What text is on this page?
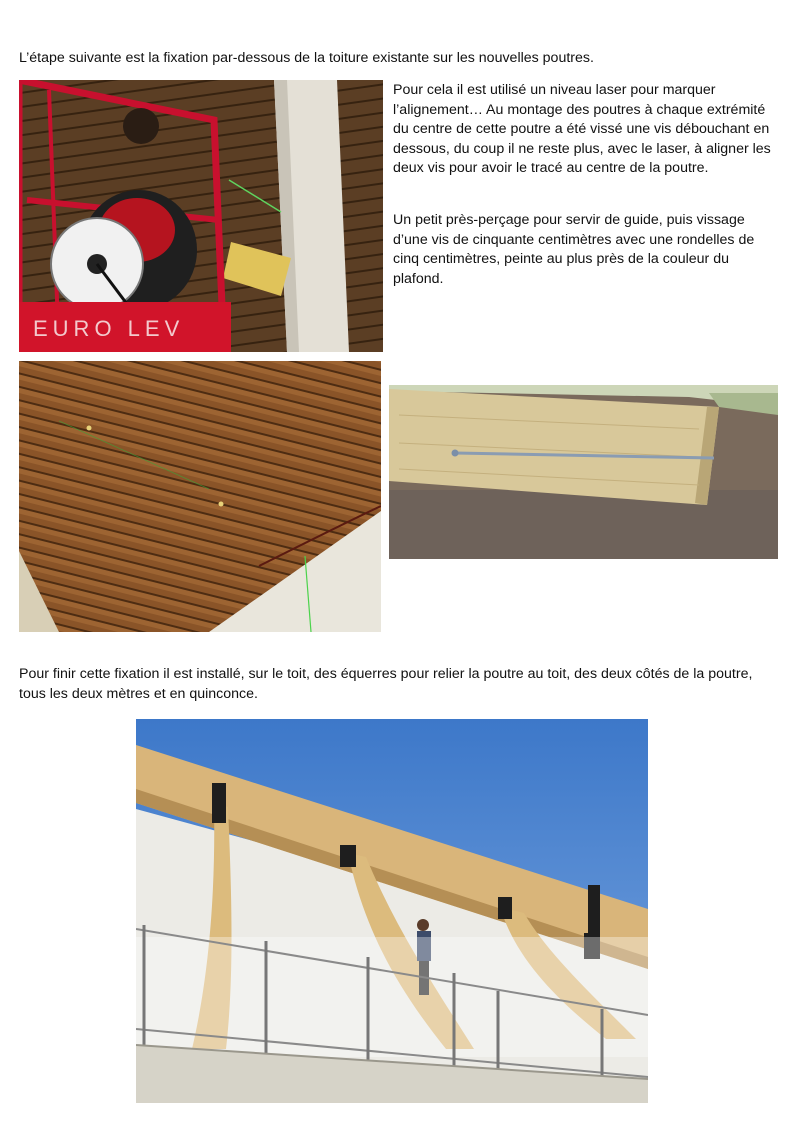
L’étape suivante est la fixation par-dessous de la toiture existante sur les nouvelles poutres.

EURO LEV

Pour cela il est utilisé un niveau laser pour marquer l’alignement… Au montage des poutres à chaque extrémité du centre de cette poutre a été vissé une vis débouchant en dessous, du coup il ne reste plus, avec le laser, à aligner les deux vis pour avoir le tracé au centre de la poutre.

Un petit près-perçage pour servir de guide, puis vissage d’une vis de cinquante centimètres avec une rondelles de cinq centimètres, peinte au plus près de la couleur du plafond.

Pour finir cette fixation il est installé, sur le toit, des équerres pour relier la poutre au toit, des deux côtés de la poutre, tous les deux mètres et en quinconce.
